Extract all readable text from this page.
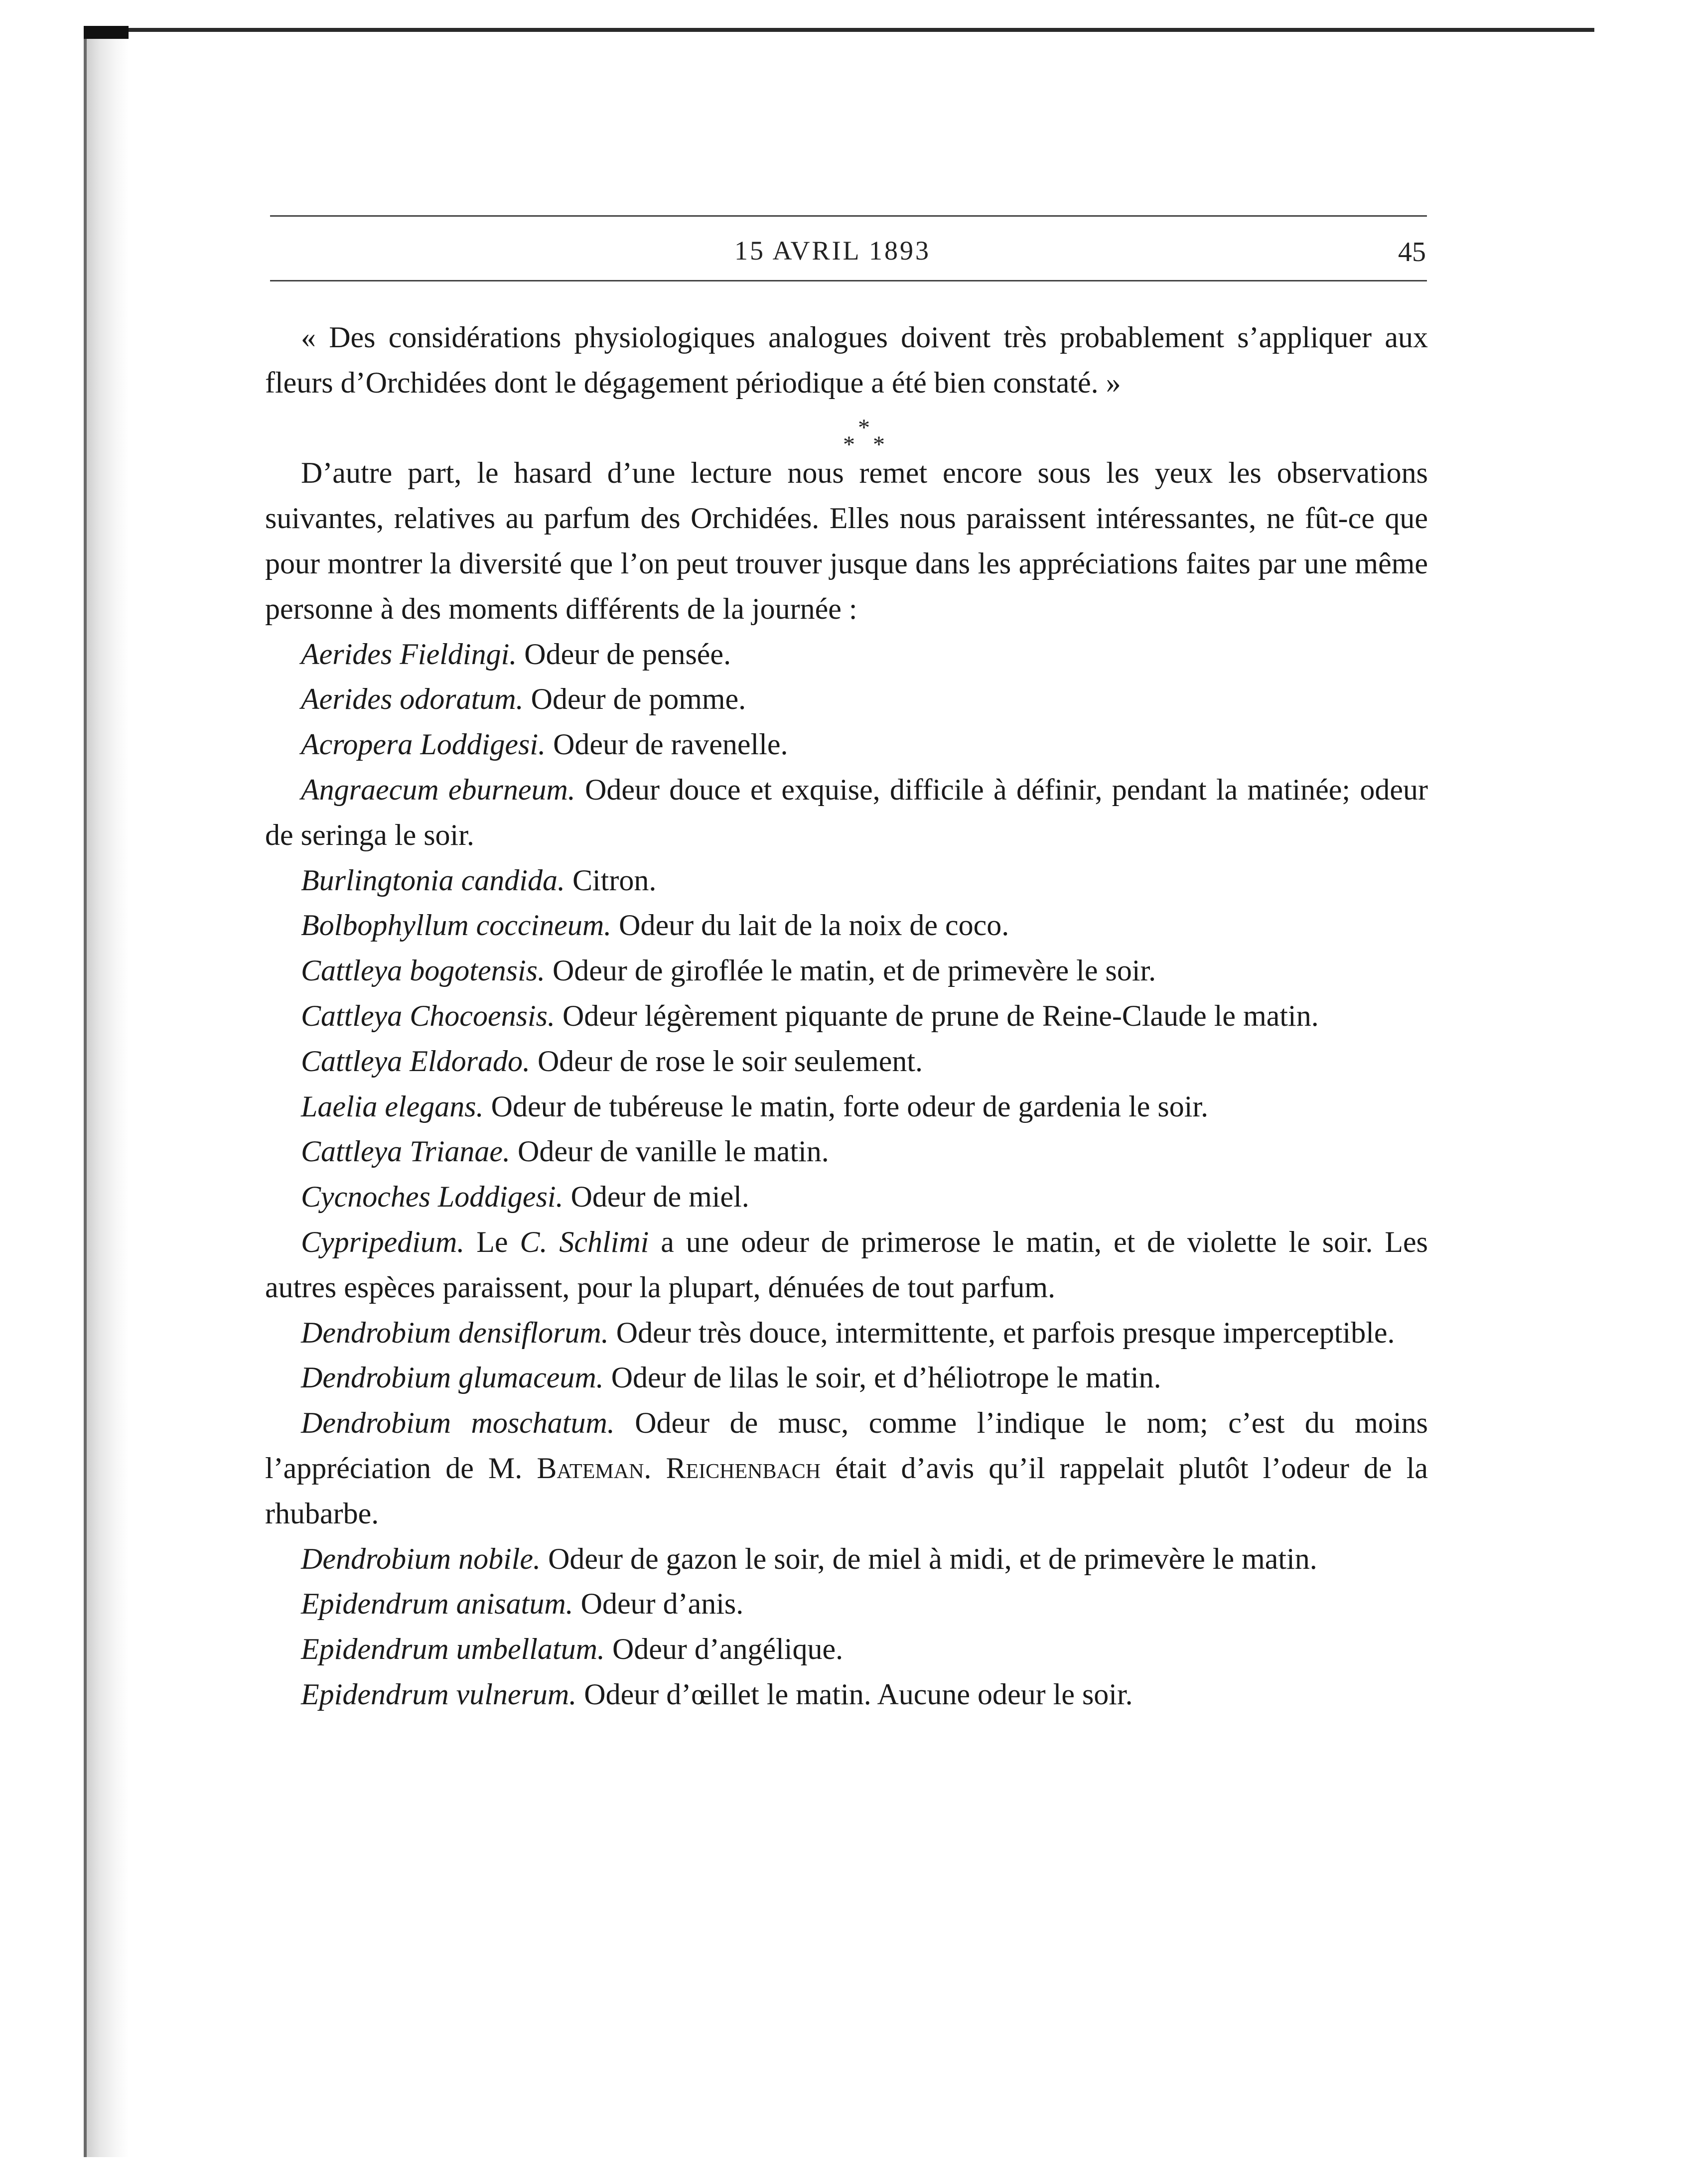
15 AVRIL 1893	45

« Des considérations physiologiques analogues doivent très probablement s’appliquer aux fleurs d’Orchidées dont le dégagement périodique a été bien constaté. »

*
* *

D’autre part, le hasard d’une lecture nous remet encore sous les yeux les observations suivantes, relatives au parfum des Orchidées. Elles nous paraissent intéressantes, ne fût-ce que pour montrer la diversité que l’on peut trouver jusque dans les appréciations faites par une même personne à des moments différents de la journée :

Aerides Fieldingi. Odeur de pensée.

Aerides odoratum. Odeur de pomme.

Acropera Loddigesi. Odeur de ravenelle.

Angraecum eburneum. Odeur douce et exquise, difficile à définir, pendant la matinée; odeur de seringa le soir.

Burlingtonia candida. Citron.

Bolbophyllum coccineum. Odeur du lait de la noix de coco.

Cattleya bogotensis. Odeur de giroflée le matin, et de primevère le soir.

Cattleya Chocoensis. Odeur légèrement piquante de prune de Reine-Claude le matin.

Cattleya Eldorado. Odeur de rose le soir seulement.

Laelia elegans. Odeur de tubéreuse le matin, forte odeur de gardenia le soir.

Cattleya Trianae. Odeur de vanille le matin.

Cycnoches Loddigesi. Odeur de miel.

Cypripedium. Le C. Schlimi a une odeur de primerose le matin, et de violette le soir. Les autres espèces paraissent, pour la plupart, dénuées de tout parfum.

Dendrobium densiflorum. Odeur très douce, intermittente, et parfois presque imperceptible.

Dendrobium glumaceum. Odeur de lilas le soir, et d’héliotrope le matin.

Dendrobium moschatum. Odeur de musc, comme l’indique le nom; c’est du moins l’appréciation de M. Bateman. Reichenbach était d’avis qu’il rappelait plutôt l’odeur de la rhubarbe.

Dendrobium nobile. Odeur de gazon le soir, de miel à midi, et de primevère le matin.

Epidendrum anisatum. Odeur d’anis.

Epidendrum umbellatum. Odeur d’angélique.

Epidendrum vulnerum. Odeur d’œillet le matin. Aucune odeur le soir.
